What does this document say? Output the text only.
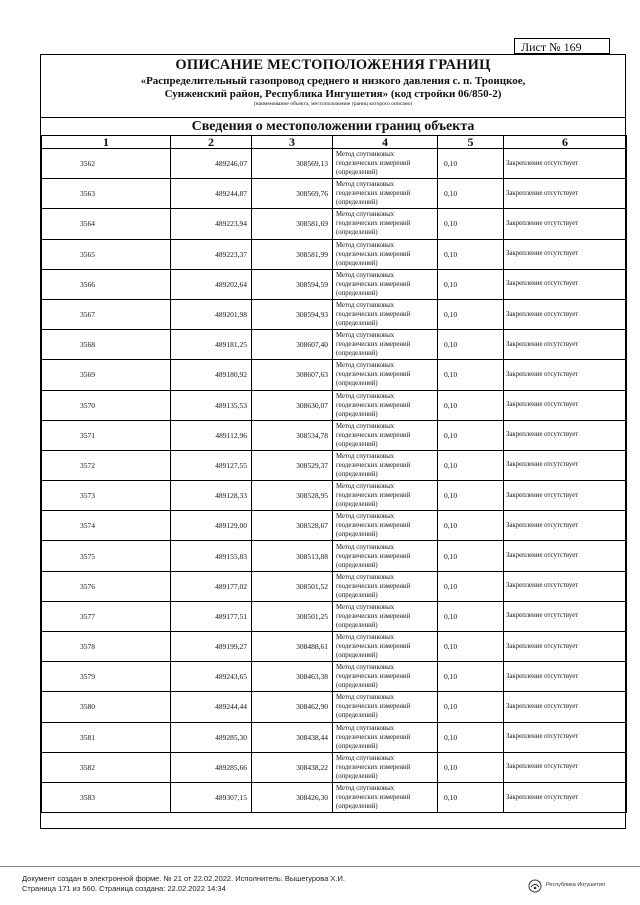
Лист № 169
ОПИСАНИЕ МЕСТОПОЛОЖЕНИЯ ГРАНИЦ
«Распределительный газопровод среднего и низкого давления с. п. Троицкое,
Сунженский район, Республика Ингушетия» (код стройки 06/850-2)
(наименование объекта, местоположение границ которого описано)
Сведения о местоположении границ объекта
1	2	3	4	5	6
3562	489246,07	308569,13	Метод спутниковых геодезических измерений (определений)	0,10	Закрепление отсутствует
3563	489244,87	308569,76	Метод спутниковых геодезических измерений (определений)	0,10	Закрепление отсутствует
3564	489223,94	308581,69	Метод спутниковых геодезических измерений (определений)	0,10	Закрепление отсутствует
3565	489223,37	308581,99	Метод спутниковых геодезических измерений (определений)	0,10	Закрепление отсутствует
3566	489202,64	308594,59	Метод спутниковых геодезических измерений (определений)	0,10	Закрепление отсутствует
3567	489201,98	308594,93	Метод спутниковых геодезических измерений (определений)	0,10	Закрепление отсутствует
3568	489181,25	308607,40	Метод спутниковых геодезических измерений (определений)	0,10	Закрепление отсутствует
3569	489180,92	308607,63	Метод спутниковых геодезических измерений (определений)	0,10	Закрепление отсутствует
3570	489135,53	308630,07	Метод спутниковых геодезических измерений (определений)	0,10	Закрепление отсутствует
3571	489112,96	308534,78	Метод спутниковых геодезических измерений (определений)	0,10	Закрепление отсутствует
3572	489127,55	308529,37	Метод спутниковых геодезических измерений (определений)	0,10	Закрепление отсутствует
3573	489128,33	308528,95	Метод спутниковых геодезических измерений (определений)	0,10	Закрепление отсутствует
3574	489129,00	308528,67	Метод спутниковых геодезических измерений (определений)	0,10	Закрепление отсутствует
3575	489155,83	308513,88	Метод спутниковых геодезических измерений (определений)	0,10	Закрепление отсутствует
3576	489177,02	308501,52	Метод спутниковых геодезических измерений (определений)	0,10	Закрепление отсутствует
3577	489177,51	308501,25	Метод спутниковых геодезических измерений (определений)	0,10	Закрепление отсутствует
3578	489199,27	308488,61	Метод спутниковых геодезических измерений (определений)	0,10	Закрепление отсутствует
3579	489243,65	308463,38	Метод спутниковых геодезических измерений (определений)	0,10	Закрепление отсутствует
3580	489244,44	308462,90	Метод спутниковых геодезических измерений (определений)	0,10	Закрепление отсутствует
3581	489285,30	308438,44	Метод спутниковых геодезических измерений (определений)	0,10	Закрепление отсутствует
3582	489285,66	308438,22	Метод спутниковых геодезических измерений (определений)	0,10	Закрепление отсутствует
3583	489307,15	308426,30	Метод спутниковых геодезических измерений (определений)	0,10	Закрепление отсутствует
Документ создан в электронной форме. № 21 от 22.02.2022. Исполнитель: Вышегурова Х.И.
Страница 171 из 560. Страница создана: 22.02.2022 14:34	Республика Ингушетия
